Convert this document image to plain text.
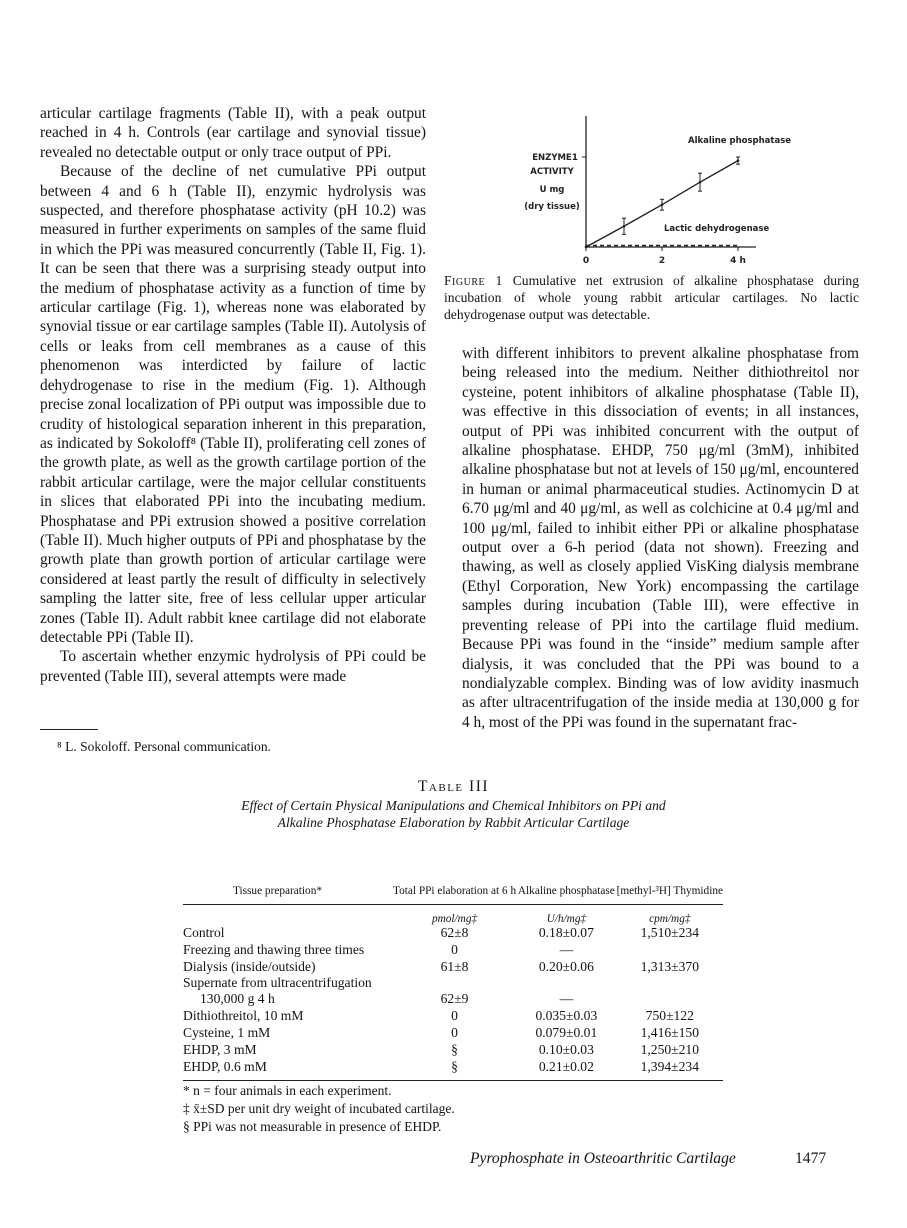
articular cartilage fragments (Table II), with a peak output reached in 4 h. Controls (ear cartilage and synovial tissue) revealed no detectable output or only trace output of PPi.

Because of the decline of net cumulative PPi output between 4 and 6 h (Table II), enzymic hydrolysis was suspected, and therefore phosphatase activity (pH 10.2) was measured in further experiments on samples of the same fluid in which the PPi was measured concurrently (Table II, Fig. 1). It can be seen that there was a surprising steady output into the medium of phosphatase activity as a function of time by articular cartilage (Fig. 1), whereas none was elaborated by synovial tissue or ear cartilage samples (Table II). Autolysis of cells or leaks from cell membranes as a cause of this phenomenon was interdicted by failure of lactic dehydrogenase to rise in the medium (Fig. 1). Although precise zonal localization of PPi output was impossible due to crudity of histological separation inherent in this preparation, as indicated by Sokoloff⁸ (Table II), proliferating cell zones of the growth plate, as well as the growth cartilage portion of the rabbit articular cartilage, were the major cellular constituents in slices that elaborated PPi into the incubating medium. Phosphatase and PPi extrusion showed a positive correlation (Table II). Much higher outputs of PPi and phosphatase by the growth plate than growth portion of articular cartilage were considered at least partly the result of difficulty in selectively sampling the latter site, free of less cellular upper articular zones (Table II). Adult rabbit knee cartilage did not elaborate detectable PPi (Table II).

To ascertain whether enzymic hydrolysis of PPi could be prevented (Table III), several attempts were made

⁸ L. Sokoloff. Personal communication.
ENZYME
ACTIVITY
U mg
(dry tissue)
0	2	4 h
1
Alkaline phosphatase
Lactic dehydrogenase
Figure 1 Cumulative net extrusion of alkaline phosphatase during incubation of whole young rabbit articular cartilages. No lactic dehydrogenase output was detectable.

with different inhibitors to prevent alkaline phosphatase from being released into the medium. Neither dithiothreitol nor cysteine, potent inhibitors of alkaline phosphatase (Table II), was effective in this dissociation of events; in all instances, output of PPi was inhibited concurrent with the output of alkaline phosphatase. EHDP, 750 μg/ml (3mM), inhibited alkaline phosphatase but not at levels of 150 μg/ml, encountered in human or animal pharmaceutical studies. Actinomycin D at 6.70 μg/ml and 40 μg/ml, as well as colchicine at 0.4 μg/ml and 100 μg/ml, failed to inhibit either PPi or alkaline phosphatase output over a 6-h period (data not shown). Freezing and thawing, as well as closely applied VisKing dialysis membrane (Ethyl Corporation, New York) encompassing the cartilage samples during incubation (Table III), were effective in preventing release of PPi into the cartilage fluid medium. Because PPi was found in the “inside” medium sample after dialysis, it was concluded that the PPi was bound to a nondialyzable complex. Binding was of low avidity inasmuch as after ultracentrifugation of the inside media at 130,000 g for 4 h, most of the PPi was found in the supernatant frac-

Table III
Effect of Certain Physical Manipulations and Chemical Inhibitors on PPi and
Alkaline Phosphatase Elaboration by Rabbit Articular Cartilage
Tissue preparation*	Total PPi elaboration at 6 h	Alkaline phosphatase	[methyl-³H] Thymidine
	pmol/mg‡	U/h/mg‡	cpm/mg‡
Control	62±8	0.18±0.07	1,510±234
Freezing and thawing three times	0	—	
Dialysis (inside/outside)	61±8	0.20±0.06	1,313±370
Supernate from ultracentrifugation			
130,000 g 4 h	62±9	—	
Dithiothreitol, 10 mM	0	0.035±0.03	750±122
Cysteine, 1 mM	0	0.079±0.01	1,416±150
EHDP, 3 mM	§	0.10±0.03	1,250±210
EHDP, 0.6 mM	§	0.21±0.02	1,394±234
* n = four animals in each experiment.
‡ x̄±SD per unit dry weight of incubated cartilage.
§ PPi was not measurable in presence of EHDP.
Pyrophosphate in Osteoarthritic Cartilage	1477
